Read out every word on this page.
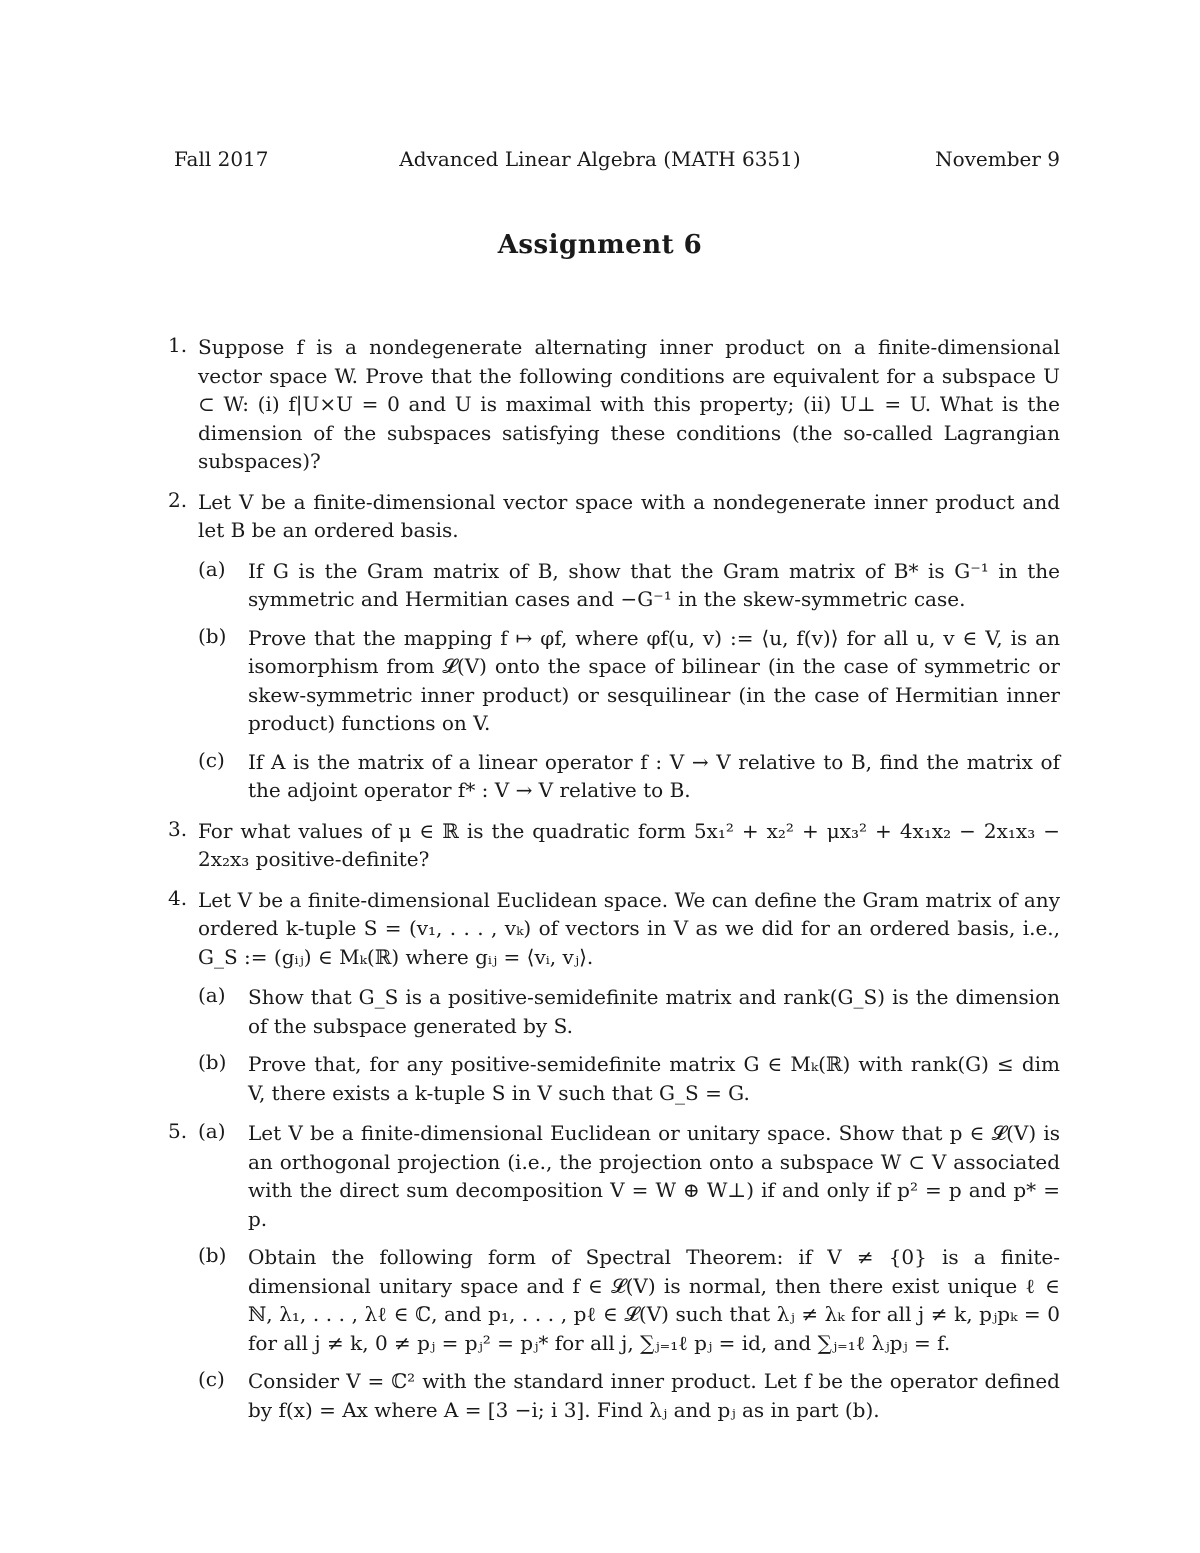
Advanced Linear Algebra (MATH 6351)
Fall 2017	November 9
Assignment 6
1. Suppose f is a nondegenerate alternating inner product on a finite-dimensional vector space W. Prove that the following conditions are equivalent for a subspace U ⊂ W: (i) f|U×U = 0 and U is maximal with this property; (ii) U⊥ = U. What is the dimension of the subspaces satisfying these conditions (the so-called Lagrangian subspaces)?
2. Let V be a finite-dimensional vector space with a nondegenerate inner product and let B be an ordered basis.
(a) If G is the Gram matrix of B, show that the Gram matrix of B* is G⁻¹ in the symmetric and Hermitian cases and −G⁻¹ in the skew-symmetric case.
(b) Prove that the mapping f ↦ φf, where φf(u, v) := ⟨u, f(v)⟩ for all u, v ∈ V, is an isomorphism from 𝓛(V) onto the space of bilinear (in the case of symmetric or skew-symmetric inner product) or sesquilinear (in the case of Hermitian inner product) functions on V.
(c) If A is the matrix of a linear operator f : V → V relative to B, find the matrix of the adjoint operator f* : V → V relative to B.
3. For what values of μ ∈ ℝ is the quadratic form 5x₁² + x₂² + μx₃² + 4x₁x₂ − 2x₁x₃ − 2x₂x₃ positive-definite?
4. Let V be a finite-dimensional Euclidean space. We can define the Gram matrix of any ordered k-tuple S = (v₁, . . . , vₖ) of vectors in V as we did for an ordered basis, i.e., G_S := (gᵢⱼ) ∈ Mₖ(ℝ) where gᵢⱼ = ⟨vᵢ, vⱼ⟩.
(a) Show that G_S is a positive-semidefinite matrix and rank(G_S) is the dimension of the subspace generated by S.
(b) Prove that, for any positive-semidefinite matrix G ∈ Mₖ(ℝ) with rank(G) ≤ dim V, there exists a k-tuple S in V such that G_S = G.
5. (a) Let V be a finite-dimensional Euclidean or unitary space. Show that p ∈ 𝓛(V) is an orthogonal projection (i.e., the projection onto a subspace W ⊂ V associated with the direct sum decomposition V = W ⊕ W⊥) if and only if p² = p and p* = p.
(b) Obtain the following form of Spectral Theorem: if V ≠ {0} is a finite-dimensional unitary space and f ∈ 𝓛(V) is normal, then there exist unique ℓ ∈ ℕ, λ₁, . . . , λℓ ∈ ℂ, and p₁, . . . , pℓ ∈ 𝓛(V) such that λⱼ ≠ λₖ for all j ≠ k, pⱼpₖ = 0 for all j ≠ k, 0 ≠ pⱼ = pⱼ² = pⱼ* for all j, ∑ⱼ₌₁ℓ pⱼ = id, and ∑ⱼ₌₁ℓ λⱼpⱼ = f.
(c) Consider V = ℂ² with the standard inner product. Let f be the operator defined by f(x) = Ax where A = [3 −i; i 3]. Find λⱼ and pⱼ as in part (b).
